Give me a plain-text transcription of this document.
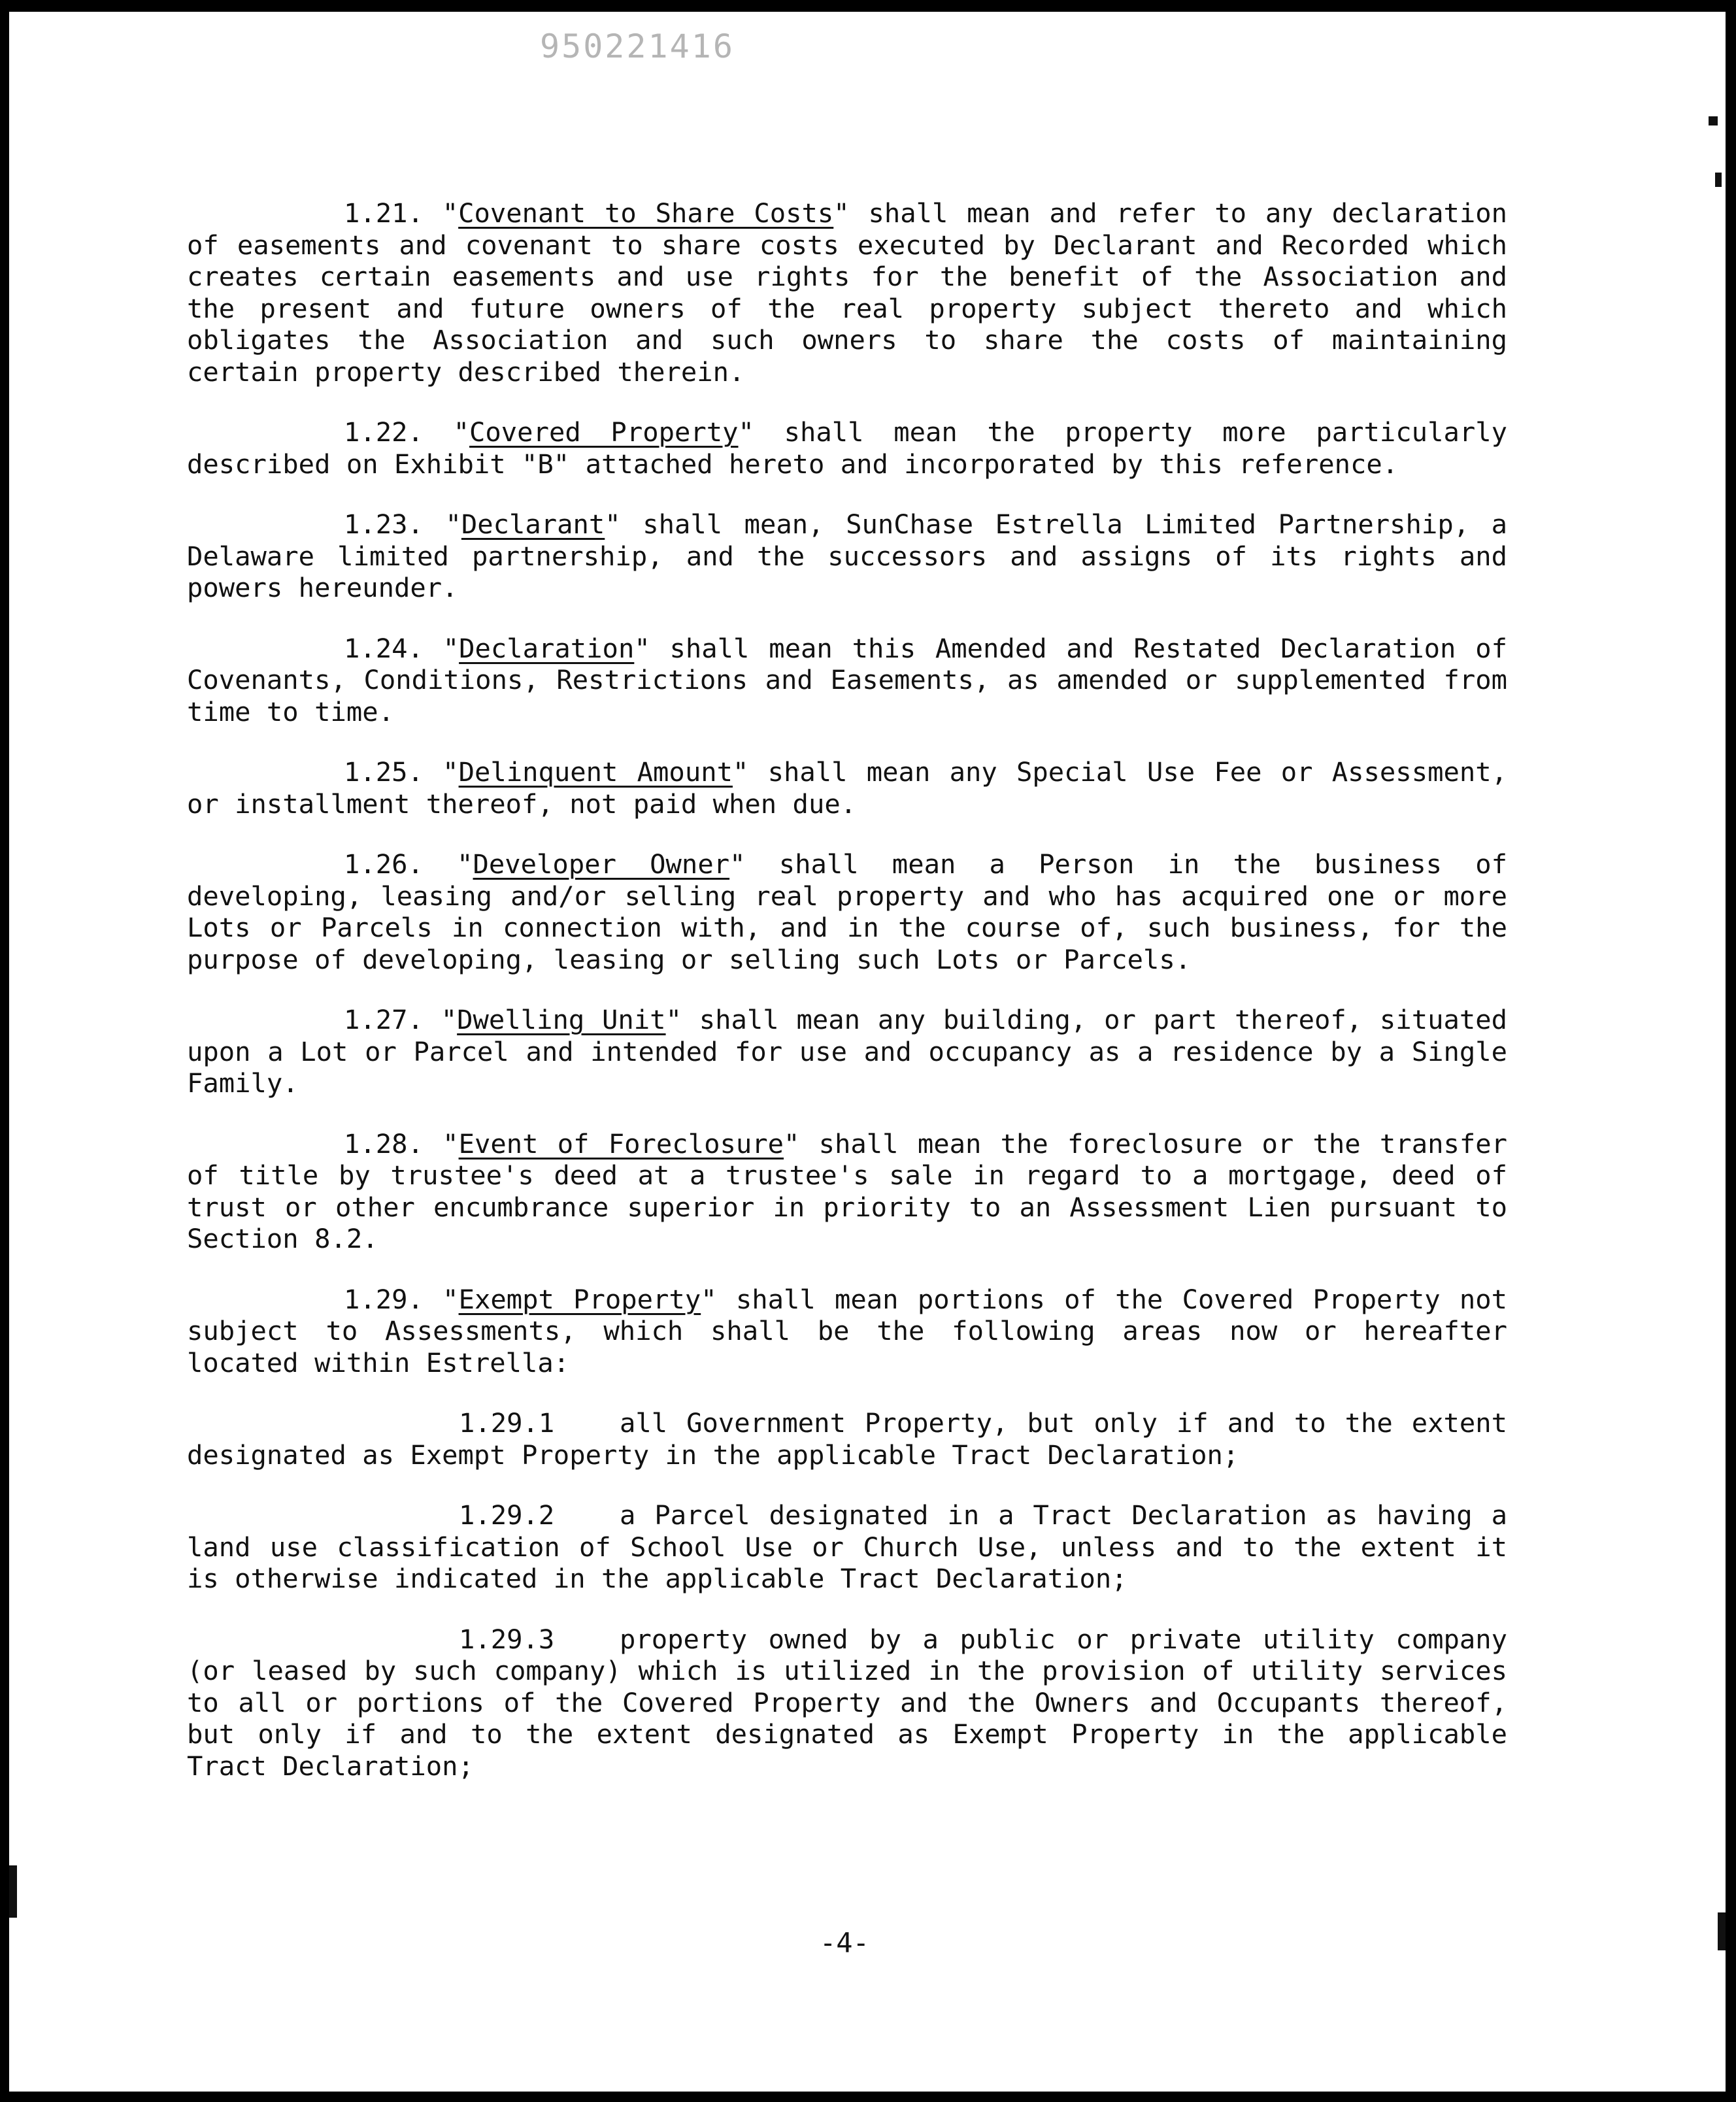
950221416

1.21. "Covenant to Share Costs" shall mean and refer to any declaration of easements and covenant to share costs executed by Declarant and Recorded which creates certain easements and use rights for the benefit of the Association and the present and future owners of the real property subject thereto and which obligates the Association and such owners to share the costs of maintaining certain property described therein.

1.22. "Covered Property" shall mean the property more particularly described on Exhibit "B" attached hereto and incorporated by this reference.

1.23. "Declarant" shall mean, SunChase Estrella Limited Partnership, a Delaware limited partnership, and the successors and assigns of its rights and powers hereunder.

1.24. "Declaration" shall mean this Amended and Restated Declaration of Covenants, Conditions, Restrictions and Easements, as amended or supplemented from time to time.

1.25. "Delinquent Amount" shall mean any Special Use Fee or Assessment, or installment thereof, not paid when due.

1.26. "Developer Owner" shall mean a Person in the business of developing, leasing and/or selling real property and who has acquired one or more Lots or Parcels in connection with, and in the course of, such business, for the purpose of developing, leasing or selling such Lots or Parcels.

1.27. "Dwelling Unit" shall mean any building, or part thereof, situated upon a Lot or Parcel and intended for use and occupancy as a residence by a Single Family.

1.28. "Event of Foreclosure" shall mean the foreclosure or the transfer of title by trustee's deed at a trustee's sale in regard to a mortgage, deed of trust or other encumbrance superior in priority to an Assessment Lien pursuant to Section 8.2.

1.29. "Exempt Property" shall mean portions of the Covered Property not subject to Assessments, which shall be the following areas now or hereafter located within Estrella:

1.29.1 all Government Property, but only if and to the extent designated as Exempt Property in the applicable Tract Declaration;

1.29.2 a Parcel designated in a Tract Declaration as having a land use classification of School Use or Church Use, unless and to the extent it is otherwise indicated in the applicable Tract Declaration;

1.29.3 property owned by a public or private utility company (or leased by such company) which is utilized in the provision of utility services to all or portions of the Covered Property and the Owners and Occupants thereof, but only if and to the extent designated as Exempt Property in the applicable Tract Declaration;

-4-
